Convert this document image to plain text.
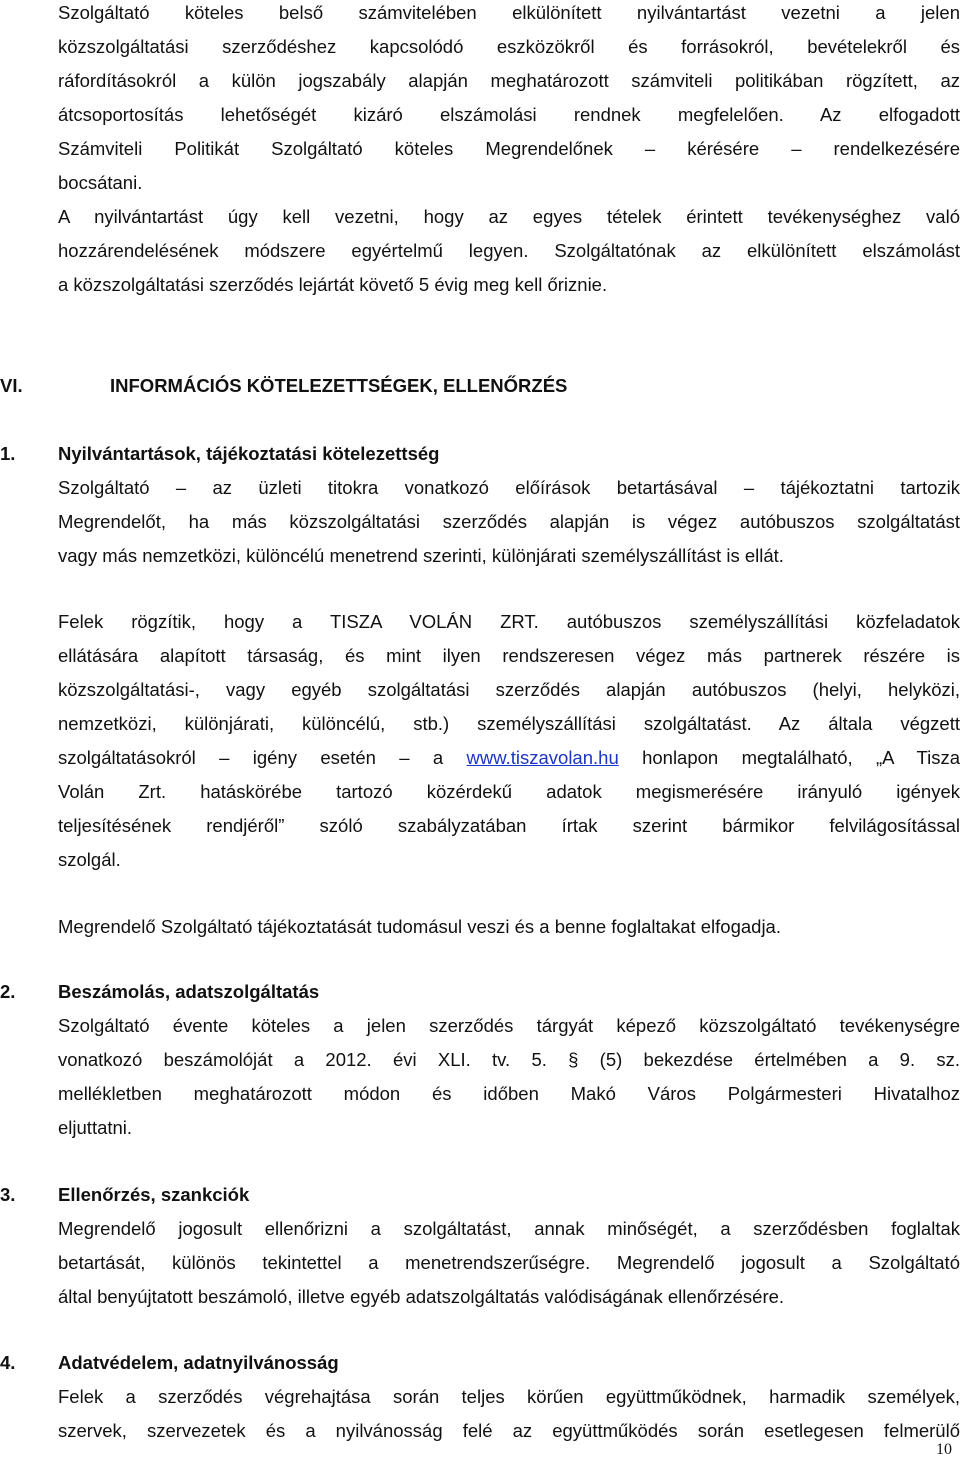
Szolgáltató köteles belső számvitelében elkülönített nyilvántartást vezetni a jelen
közszolgáltatási szerződéshez kapcsolódó eszközökről és forrásokról, bevételekről és
ráfordításokról a külön jogszabály alapján meghatározott számviteli politikában rögzített, az
átcsoportosítás lehetőségét kizáró elszámolási rendnek megfelelően. Az elfogadott
Számviteli Politikát Szolgáltató köteles Megrendelőnek – kérésére – rendelkezésére
bocsátani.
A nyilvántartást úgy kell vezetni, hogy az egyes tételek érintett tevékenységhez való
hozzárendelésének módszere egyértelmű legyen. Szolgáltatónak az elkülönített elszámolást
a közszolgáltatási szerződés lejártát követő 5 évig meg kell őriznie.
VI.	INFORMÁCIÓS KÖTELEZETTSÉGEK, ELLENŐRZÉS
1. Nyilvántartások, tájékoztatási kötelezettség
Szolgáltató – az üzleti titokra vonatkozó előírások betartásával – tájékoztatni tartozik
Megrendelőt, ha más közszolgáltatási szerződés alapján is végez autóbuszos szolgáltatást
vagy más nemzetközi, különcélú menetrend szerinti, különjárati személyszállítást is ellát.
Felek rögzítik, hogy a TISZA VOLÁN ZRT. autóbuszos személyszállítási közfeladatok
ellátására alapított társaság, és mint ilyen rendszeresen végez más partnerek részére is
közszolgáltatási-, vagy egyéb szolgáltatási szerződés alapján autóbuszos (helyi, helyközi,
nemzetközi, különjárati, különcélú, stb.) személyszállítási szolgáltatást. Az általa végzett
szolgáltatásokról – igény esetén – a www.tiszavolan.hu honlapon megtalálható, „A Tisza
Volán Zrt. hatáskörébe tartozó közérdekű adatok megismerésére irányuló igények
teljesítésének rendjéről” szóló szabályzatában írtak szerint bármikor felvilágosítással
szolgál.
Megrendelő Szolgáltató tájékoztatását tudomásul veszi és a benne foglaltakat elfogadja.
2. Beszámolás, adatszolgáltatás
Szolgáltató évente köteles a jelen szerződés tárgyát képező közszolgáltató tevékenységre
vonatkozó beszámolóját a 2012. évi XLI. tv. 5. § (5) bekezdése értelmében a 9. sz.
mellékletben meghatározott módon és időben Makó Város Polgármesteri Hivatalhoz
eljuttatni.
3. Ellenőrzés, szankciók
Megrendelő jogosult ellenőrizni a szolgáltatást, annak minőségét, a szerződésben foglaltak
betartását, különös tekintettel a menetrendszerűségre. Megrendelő jogosult a Szolgáltató
által benyújtatott beszámoló, illetve egyéb adatszolgáltatás valódiságának ellenőrzésére.
4. Adatvédelem, adatnyilvánosság
Felek a szerződés végrehajtása során teljes körűen együttműködnek, harmadik személyek,
szervek, szervezetek és a nyilvánosság felé az együttműködés során esetlegesen felmerülő
10
